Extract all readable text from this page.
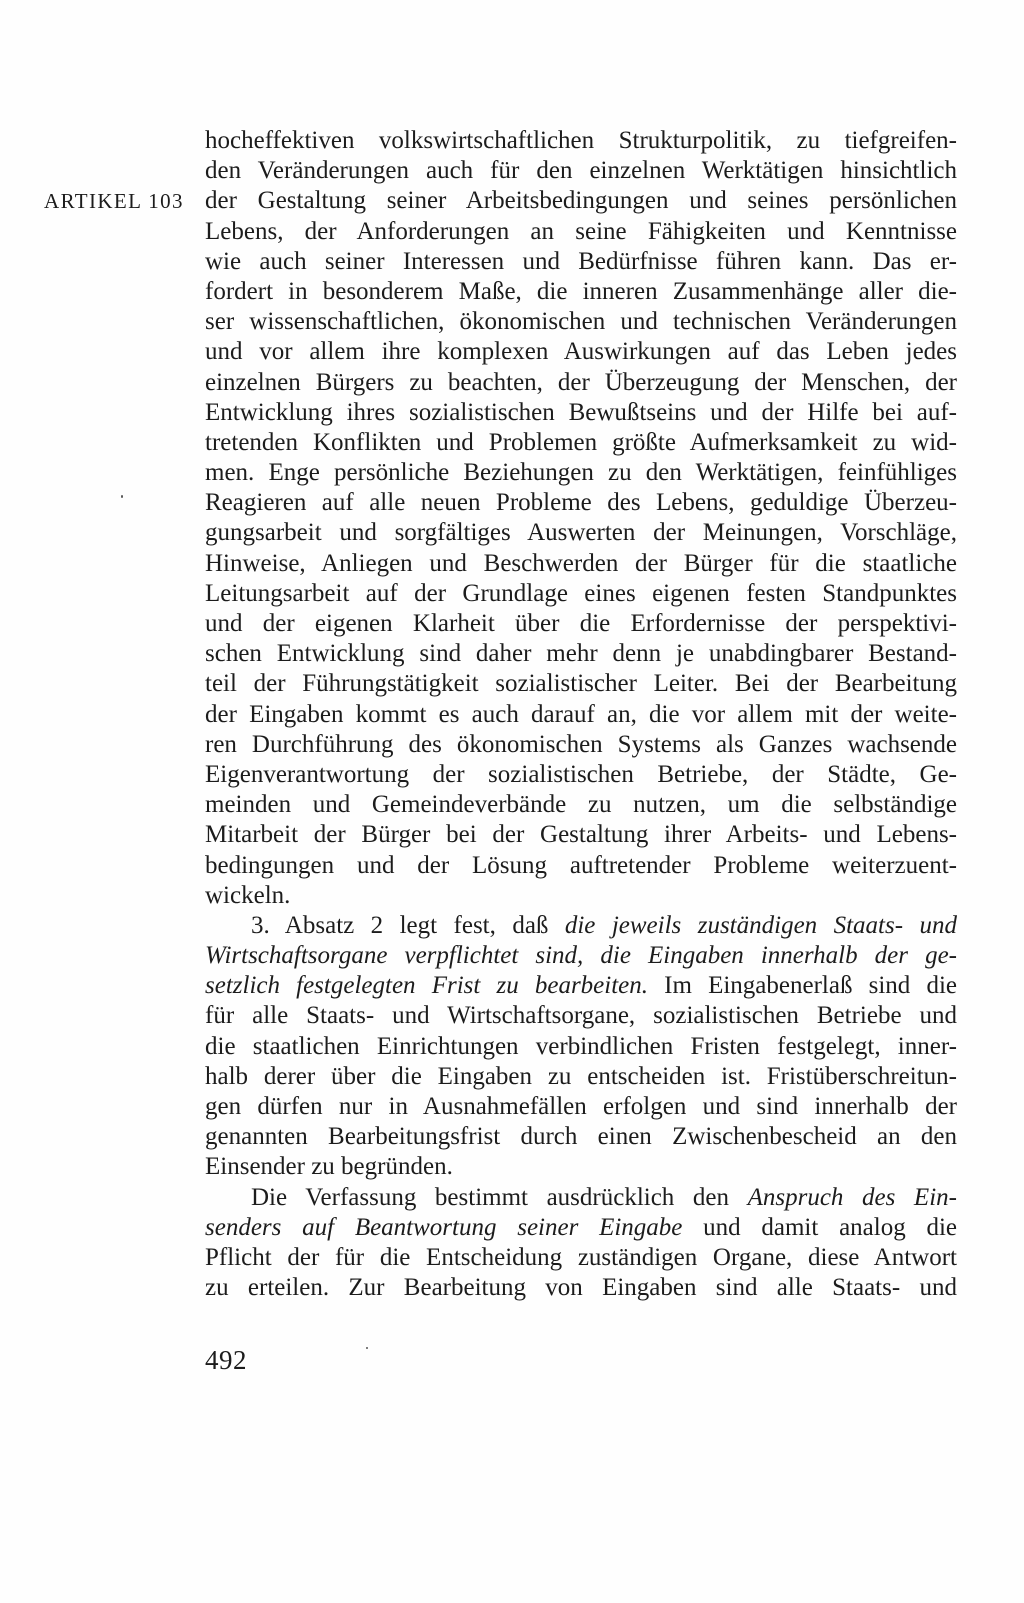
ARTIKEL 103
hocheffektiven volkswirtschaftlichen Strukturpolitik, zu tiefgreifen-
den Veränderungen auch für den einzelnen Werktätigen hinsichtlich
der Gestaltung seiner Arbeitsbedingungen und seines persönlichen
Lebens, der Anforderungen an seine Fähigkeiten und Kenntnisse
wie auch seiner Interessen und Bedürfnisse führen kann. Das er-
fordert in besonderem Maße, die inneren Zusammenhänge aller die-
ser wissenschaftlichen, ökonomischen und technischen Veränderungen
und vor allem ihre komplexen Auswirkungen auf das Leben jedes
einzelnen Bürgers zu beachten, der Überzeugung der Menschen, der
Entwicklung ihres sozialistischen Bewußtseins und der Hilfe bei auf-
tretenden Konflikten und Problemen größte Aufmerksamkeit zu wid-
men. Enge persönliche Beziehungen zu den Werktätigen, feinfühliges
Reagieren auf alle neuen Probleme des Lebens, geduldige Überzeu-
gungsarbeit und sorgfältiges Auswerten der Meinungen, Vorschläge,
Hinweise, Anliegen und Beschwerden der Bürger für die staatliche
Leitungsarbeit auf der Grundlage eines eigenen festen Standpunktes
und der eigenen Klarheit über die Erfordernisse der perspektivi-
schen Entwicklung sind daher mehr denn je unabdingbarer Bestand-
teil der Führungstätigkeit sozialistischer Leiter. Bei der Bearbeitung
der Eingaben kommt es auch darauf an, die vor allem mit der weite-
ren Durchführung des ökonomischen Systems als Ganzes wachsende
Eigenverantwortung der sozialistischen Betriebe, der Städte, Ge-
meinden und Gemeindeverbände zu nutzen, um die selbständige
Mitarbeit der Bürger bei der Gestaltung ihrer Arbeits- und Lebens-
bedingungen und der Lösung auftretender Probleme weiterzuent-
wickeln.
3. Absatz 2 legt fest, daß die jeweils zuständigen Staats- und
Wirtschaftsorgane verpflichtet sind, die Eingaben innerhalb der ge-
setzlich festgelegten Frist zu bearbeiten. Im Eingabenerlaß sind die
für alle Staats- und Wirtschaftsorgane, sozialistischen Betriebe und
die staatlichen Einrichtungen verbindlichen Fristen festgelegt, inner-
halb derer über die Eingaben zu entscheiden ist. Fristüberschreitun-
gen dürfen nur in Ausnahmefällen erfolgen und sind innerhalb der
genannten Bearbeitungsfrist durch einen Zwischenbescheid an den
Einsender zu begründen.
Die Verfassung bestimmt ausdrücklich den Anspruch des Ein-
senders auf Beantwortung seiner Eingabe und damit analog die
Pflicht der für die Entscheidung zuständigen Organe, diese Antwort
zu erteilen. Zur Bearbeitung von Eingaben sind alle Staats- und
492
